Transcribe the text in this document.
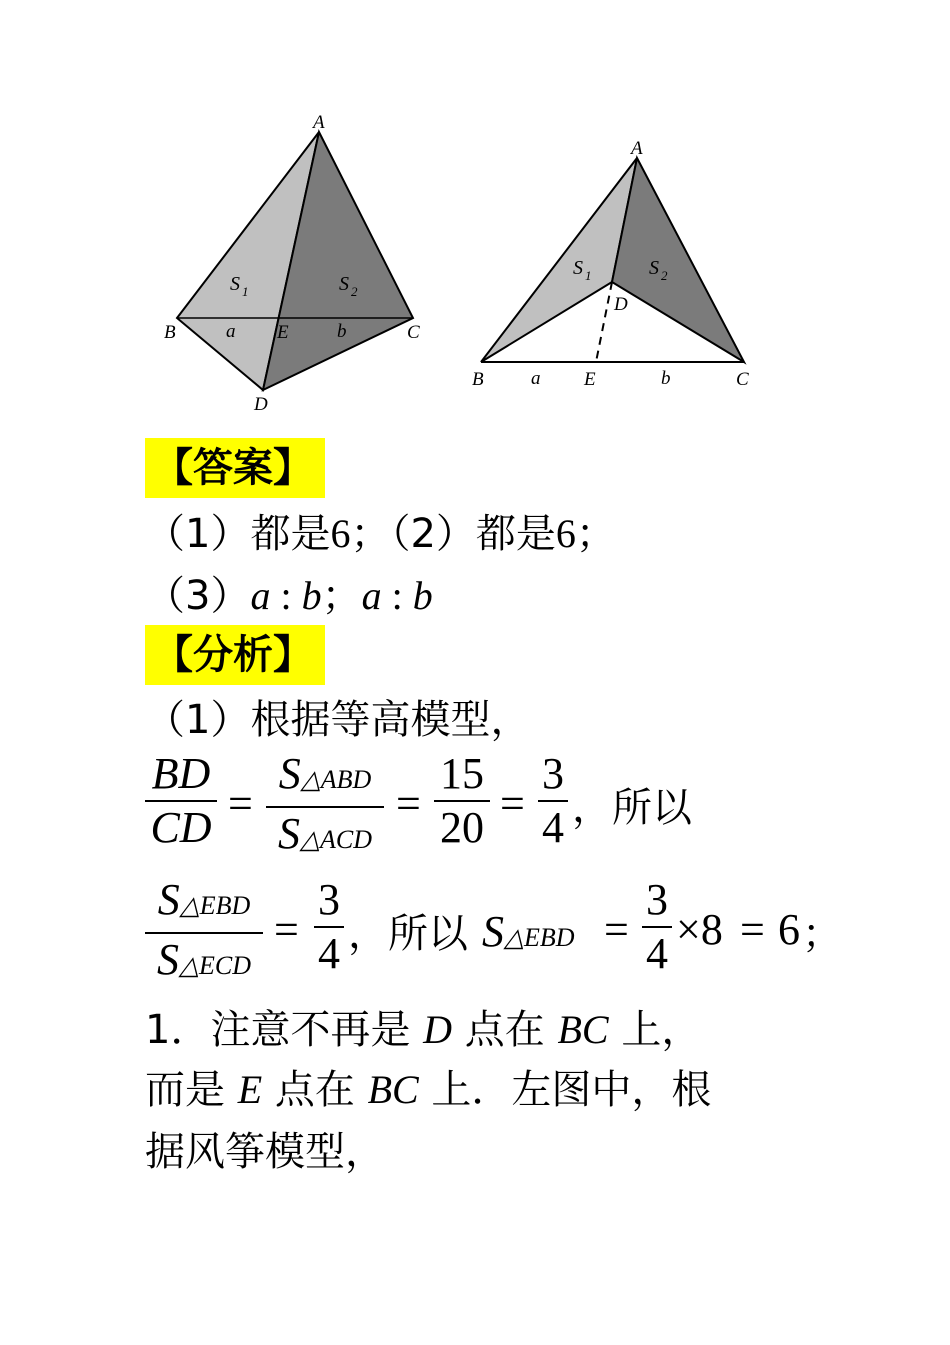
A
B	C
D
E
a	b
S 1	S 2
A
B	C
D
E
a	b
S 1	S 2
【答案】
（1）都是6；（2）都是6；
（3）a : b；a : b
【分析】
（1）根据等高模型，
BD
CD =
S△ABD
S△ACD
=
15
20 =
3
4 ，所以
S△EBD
S△ECD
=
3
4 ，所以 S△EBD =
3
4 ×8 = 6 ；
1．注意不再是 D 点在 BC 上，
而是 E 点在 BC 上．左图中，根
据风筝模型，
